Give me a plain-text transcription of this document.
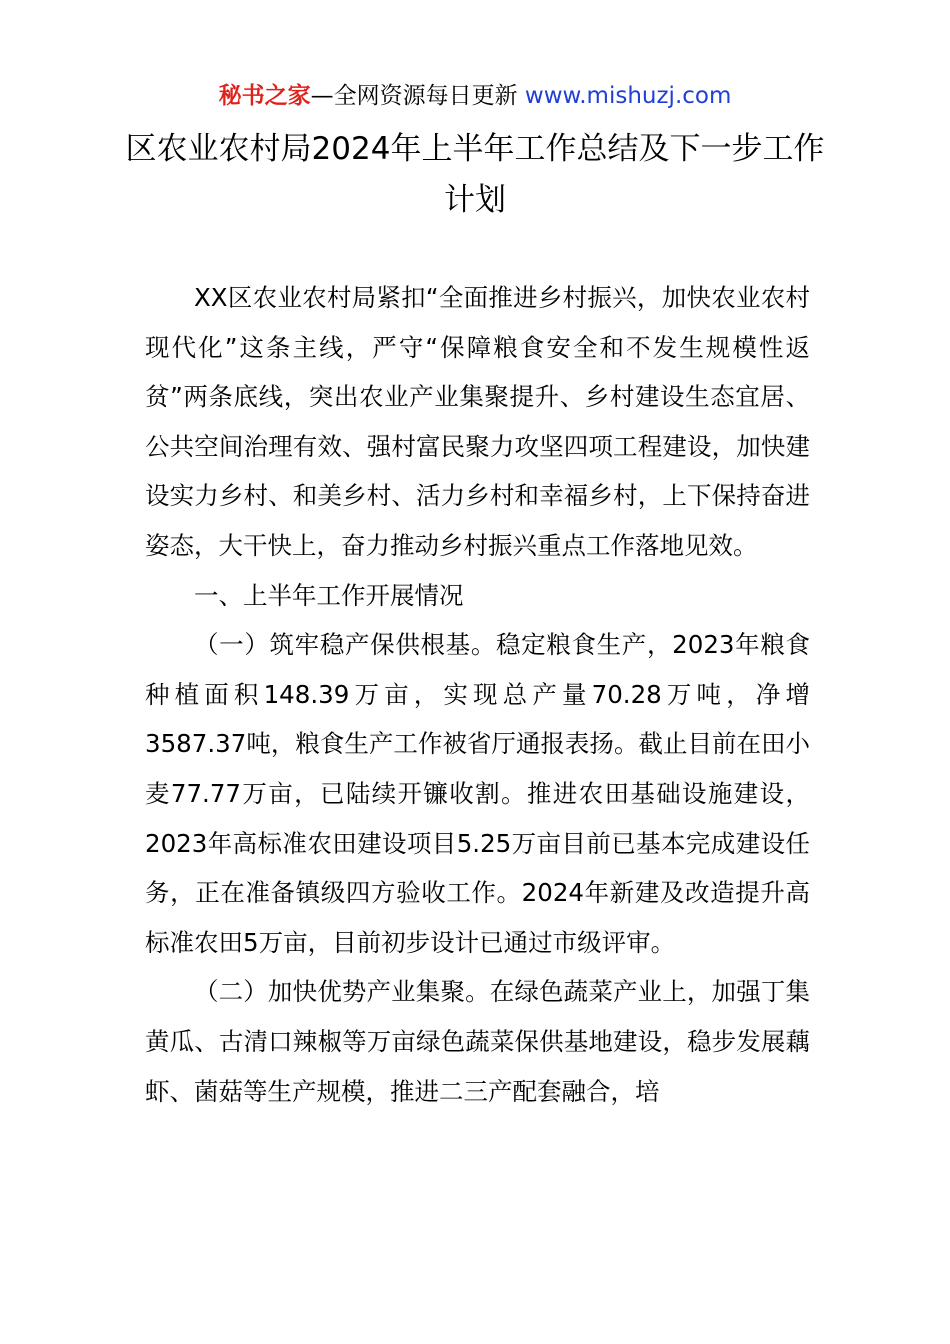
秘书之家—全网资源每日更新 www.mishuzj.com
区农业农村局2024年上半年工作总结及下一步工作计划

XX区农业农村局紧扣“全面推进乡村振兴，加快农业农村现代化”这条主线，严守“保障粮食安全和不发生规模性返贫”两条底线，突出农业产业集聚提升、乡村建设生态宜居、公共空间治理有效、强村富民聚力攻坚四项工程建设，加快建设实力乡村、和美乡村、活力乡村和幸福乡村，上下保持奋进姿态，大干快上，奋力推动乡村振兴重点工作落地见效。

一、上半年工作开展情况

（一）筑牢稳产保供根基。稳定粮食生产，2023年粮食种植面积148.39万亩，实现总产量70.28万吨，净增3587.37吨，粮食生产工作被省厅通报表扬。截止目前在田小麦77.77万亩，已陆续开镰收割。推进农田基础设施建设，2023年高标准农田建设项目5.25万亩目前已基本完成建设任务，正在准备镇级四方验收工作。2024年新建及改造提升高标准农田5万亩，目前初步设计已通过市级评审。

（二）加快优势产业集聚。在绿色蔬菜产业上，加强丁集黄瓜、古清口辣椒等万亩绿色蔬菜保供基地建设，稳步发展藕虾、菌菇等生产规模，推进二三产配套融合，培
